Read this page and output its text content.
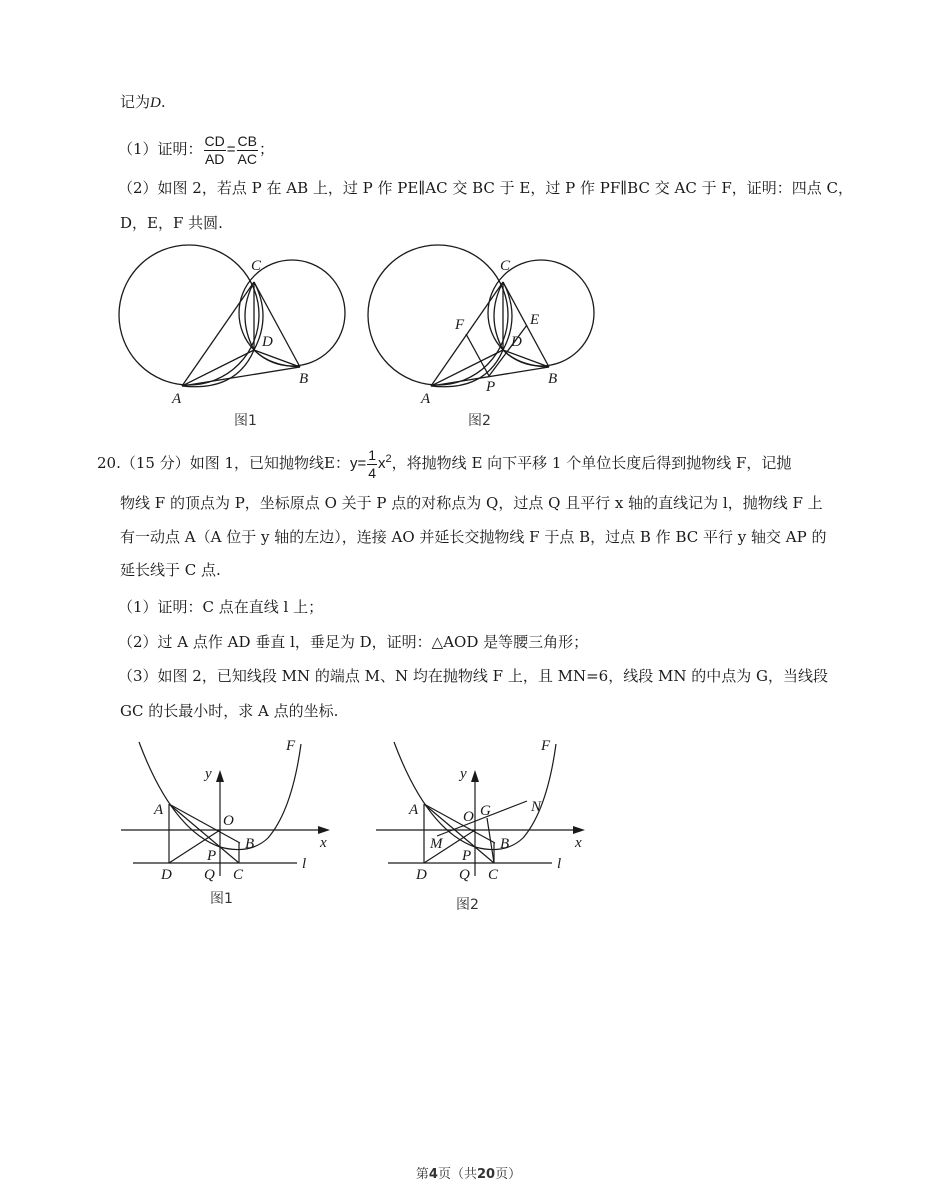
记为D.
（1）证明： $\frac{CD}{AD} = \frac{CB}{AC}$ ；
（2）如图 2，若点 P 在 AB 上，过 P 作 PE∥AC 交 BC 于 E，过 P 作 PF∥BC 交 AC 于 F，证明：四点 C，
D，E，F 共圆.
C
D
B
A
图1
C
F	E
D
B
P
A
图2
20.（15 分）如图 1，已知抛物线E：$y= \frac{1}{4} x^2$，将抛物线 E 向下平移 1 个单位长度后得到抛物线 F，记抛
物线 F 的顶点为 P，坐标原点 O 关于 P 点的对称点为 Q，过点 Q 且平行 x 轴的直线记为 l，抛物线 F 上
有一动点 A（A 位于 y 轴的左边），连接 AO 并延长交抛物线 F 于点 B，过点 B 作 BC 平行 y 轴交 AP 的
延长线于 C 点.
（1）证明：C 点在直线 l 上；
（2）过 A 点作 AD 垂直 l，垂足为 D，证明：△AOD 是等腰三角形；
（3）如图 2，已知线段 MN 的端点 M、N 均在抛物线 F 上，且 MN=6，线段 MN 的中点为 G，当线段
GC 的长最小时，求 A 点的坐标.
F
y
x
A
O
B
P
D Q C
l
图1
F
y
x
A	O G	N
M	B
P
D Q C
l
图2
第4页（共20页）
